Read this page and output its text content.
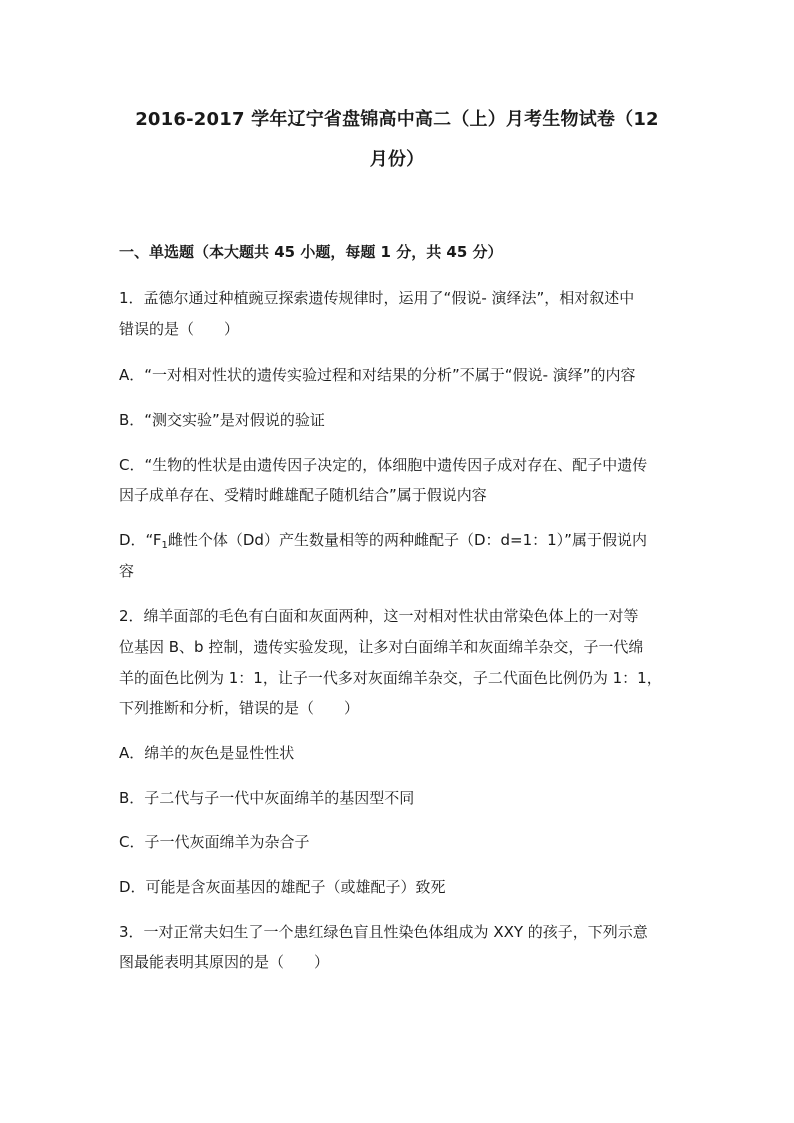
2016-2017 学年辽宁省盘锦高中高二（上）月考生物试卷（12
月份）
一、单选题（本大题共 45 小题，每题 1 分，共 45 分）
1．孟德尔通过种植豌豆探索遗传规律时，运用了“假说- 演绎法”，相对叙述中
错误的是（　　）
A．“一对相对性状的遗传实验过程和对结果的分析”不属于“假说- 演绎”的内容
B．“测交实验”是对假说的验证
C．“生物的性状是由遗传因子决定的，体细胞中遗传因子成对存在、配子中遗传
因子成单存在、受精时雌雄配子随机结合”属于假说内容
D．“$F_1$雌性个体（Dd）产生数量相等的两种雌配子（D：d=1：1）”属于假说内
容
2．绵羊面部的毛色有白面和灰面两种，这一对相对性状由常染色体上的一对等
位基因 B、b 控制，遗传实验发现，让多对白面绵羊和灰面绵羊杂交，子一代绵
羊的面色比例为 1：1，让子一代多对灰面绵羊杂交，子二代面色比例仍为 1：1，
下列推断和分析，错误的是（　　）
A．绵羊的灰色是显性性状
B．子二代与子一代中灰面绵羊的基因型不同
C．子一代灰面绵羊为杂合子
D．可能是含灰面基因的雄配子（或雄配子）致死
3．一对正常夫妇生了一个患红绿色盲且性染色体组成为 XXY 的孩子，下列示意
图最能表明其原因的是（　　）
